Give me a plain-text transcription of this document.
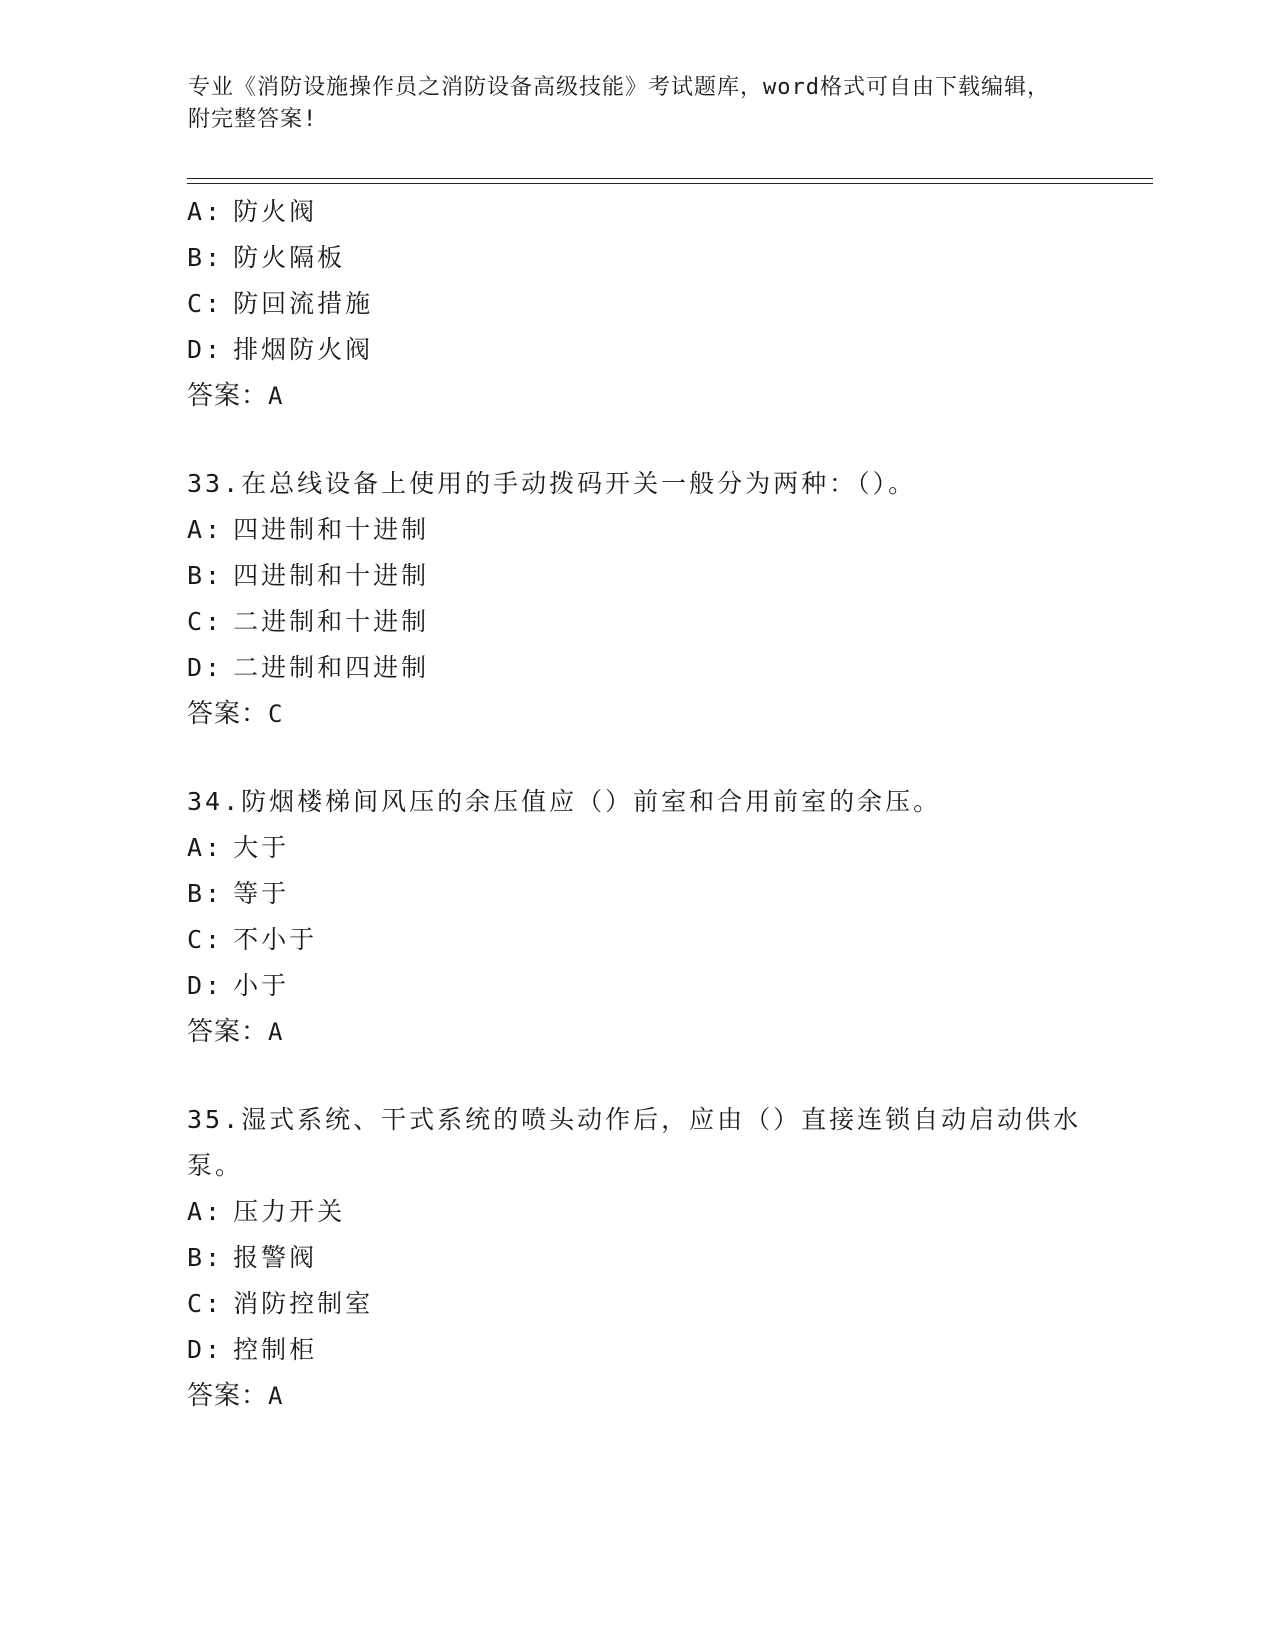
专业《消防设施操作员之消防设备高级技能》考试题库，word格式可自由下载编辑，附完整答案!
A: 防火阀
B: 防火隔板
C: 防回流措施
D: 排烟防火阀
答案：A
33.在总线设备上使用的手动拨码开关一般分为两种：（）。
A: 四进制和十进制
B: 四进制和十进制
C: 二进制和十进制
D: 二进制和四进制
答案：C
34.防烟楼梯间风压的余压值应（）前室和合用前室的余压。
A: 大于
B: 等于
C: 不小于
D: 小于
答案：A
35.湿式系统、干式系统的喷头动作后，应由（）直接连锁自动启动供水泵。
A: 压力开关
B: 报警阀
C: 消防控制室
D: 控制柜
答案：A
